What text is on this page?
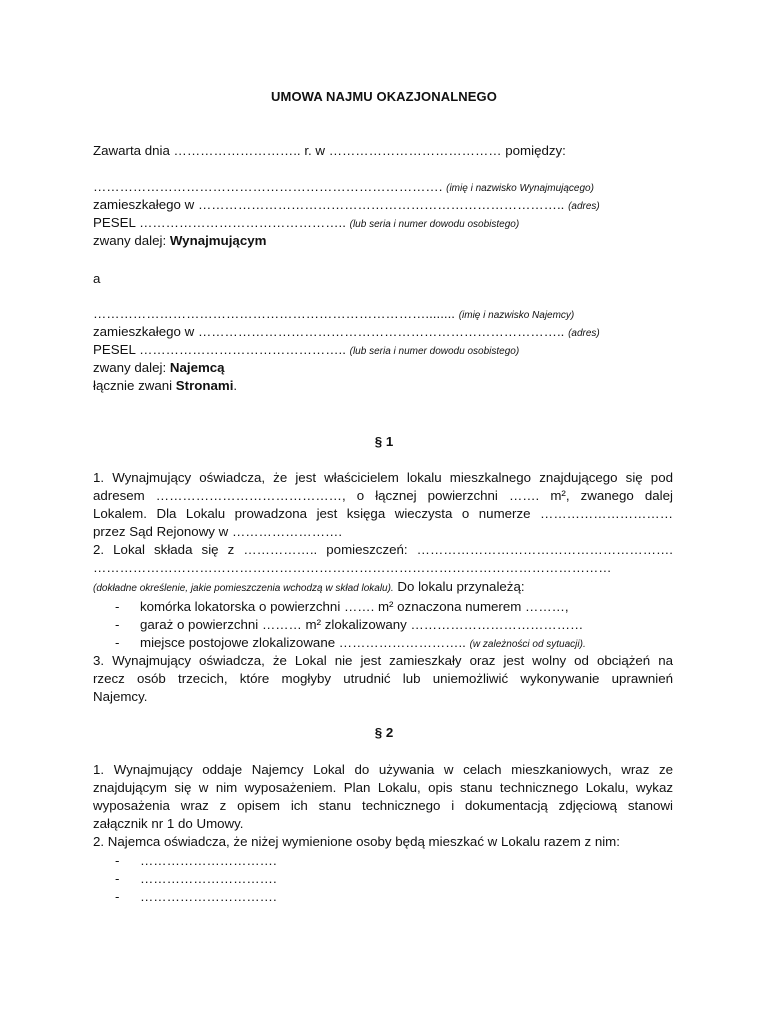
UMOWA NAJMU OKAZJONALNEGO
Zawarta dnia ……………………….. r. w ………………………………… pomiędzy:
……………………………………………………………………. (imię i nazwisko Wynajmującego)
zamieszkałego w ……………………………………………………………………….. (adres)
PESEL ……………………………………….. (lub seria i numer dowodu osobistego)
zwany dalej: Wynajmującym
a
…………………………………………………………………........ (imię i nazwisko Najemcy)
zamieszkałego w ……………………………………………………………………….. (adres)
PESEL ……………………………………….. (lub seria i numer dowodu osobistego)
zwany dalej: Najemcą
łącznie zwani Stronami.
§ 1
1. Wynajmujący oświadcza, że jest właścicielem lokalu mieszkalnego znajdującego się pod
adresem ……………………………………, o łącznej powierzchni ……. m², zwanego dalej
Lokalem. Dla Lokalu prowadzona jest księga wieczysta o numerze …………………………
przez Sąd Rejonowy w …………………….
2. Lokal składa się z …………….. pomieszczeń: ………………………………………………….
………………………………………………………………………………………………………
(dokładne określenie, jakie pomieszczenia wchodzą w skład lokalu). Do lokalu przynależą:
- komórka lokatorska o powierzchni ……. m² oznaczona numerem ………,
- garaż o powierzchni ……… m² zlokalizowany …………………………………
- miejsce postojowe zlokalizowane ……………………….. (w zależności od sytuacji).
3. Wynajmujący oświadcza, że Lokal nie jest zamieszkały oraz jest wolny od obciążeń na
rzecz osób trzecich, które mogłyby utrudnić lub uniemożliwić wykonywanie uprawnień
Najemcy.
§ 2
1. Wynajmujący oddaje Najemcy Lokal do używania w celach mieszkaniowych, wraz ze
znajdującym się w nim wyposażeniem. Plan Lokalu, opis stanu technicznego Lokalu, wykaz
wyposażenia wraz z opisem ich stanu technicznego i dokumentacją zdjęciową stanowi
załącznik nr 1 do Umowy.
2. Najemca oświadcza, że niżej wymienione osoby będą mieszkać w Lokalu razem z nim:
- ………………………….
- ………………………….
- ………………………….
